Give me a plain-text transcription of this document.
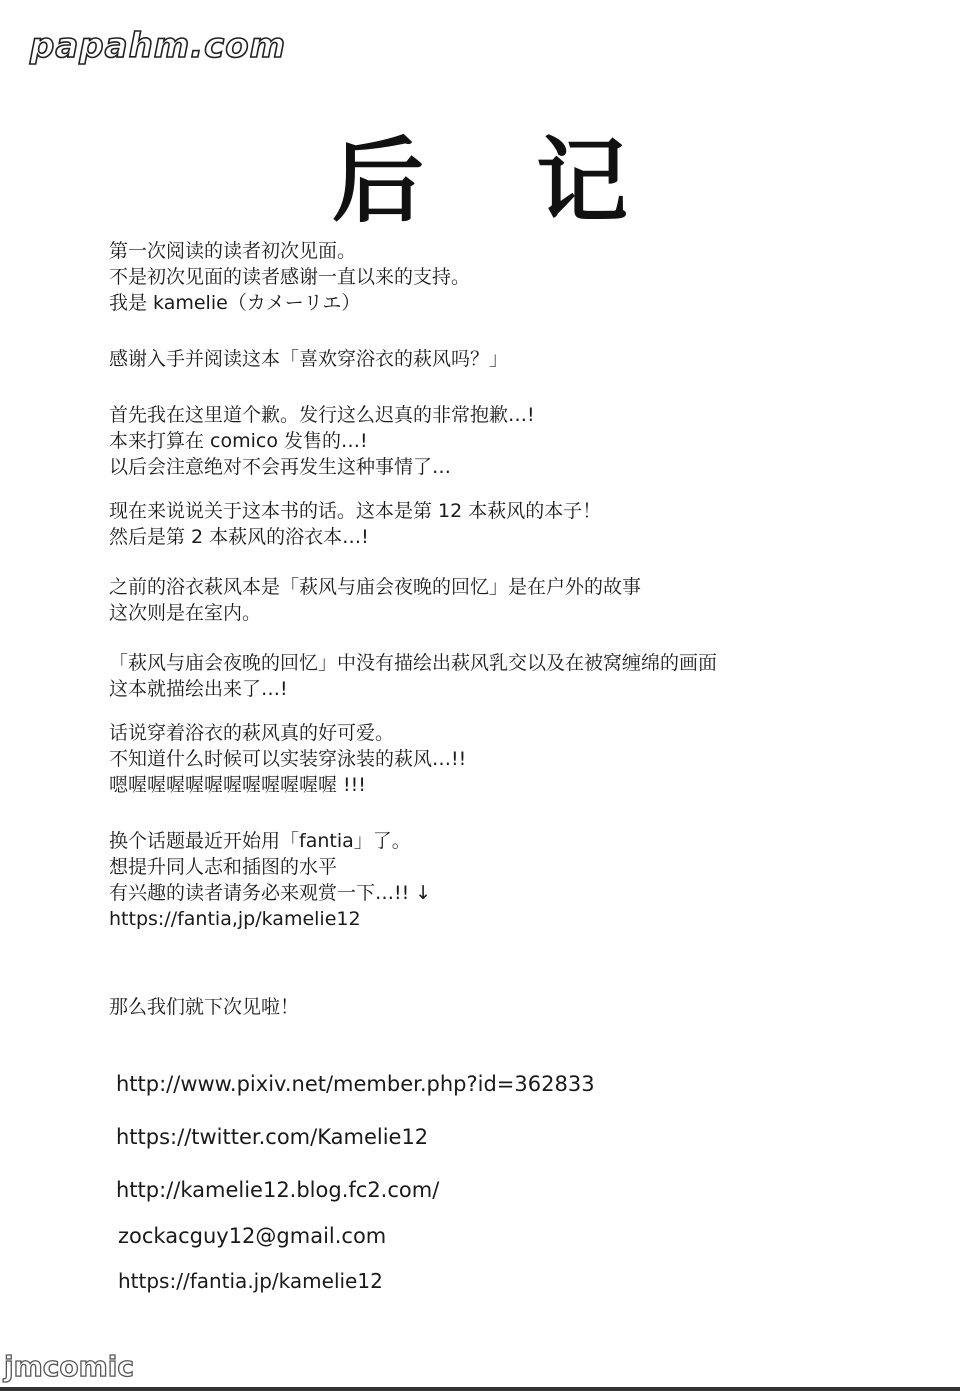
papahm.com
后 记
第一次阅读的读者初次见面。
不是初次见面的读者感谢一直以来的支持。
我是 kamelie（カメーリエ）
感谢入手并阅读这本「喜欢穿浴衣的萩风吗？」
首先我在这里道个歉。发行这么迟真的非常抱歉…!
本来打算在 comico 发售的…!
以后会注意绝对不会再发生这种事情了…
现在来说说关于这本书的话。这本是第 12 本萩风的本子！
然后是第 2 本萩风的浴衣本…!
之前的浴衣萩风本是「萩风与庙会夜晚的回忆」是在户外的故事
这次则是在室内。
「萩风与庙会夜晚的回忆」中没有描绘出萩风乳交以及在被窝缠绵的画面
这本就描绘出来了…!
话说穿着浴衣的萩风真的好可爱。
不知道什么时候可以实装穿泳装的萩风…!!
嗯喔喔喔喔喔喔喔喔喔喔喔 !!!
换个话题最近开始用「fantia」了。
想提升同人志和插图的水平
有兴趣的读者请务必来观赏一下…!! ↓
https://fantia,jp/kamelie12
那么我们就下次见啦！
http://www.pixiv.net/member.php?id=362833
https://twitter.com/Kamelie12
http://kamelie12.blog.fc2.com/
zockacguy12@gmail.com
https://fantia.jp/kamelie12
jmcomic
